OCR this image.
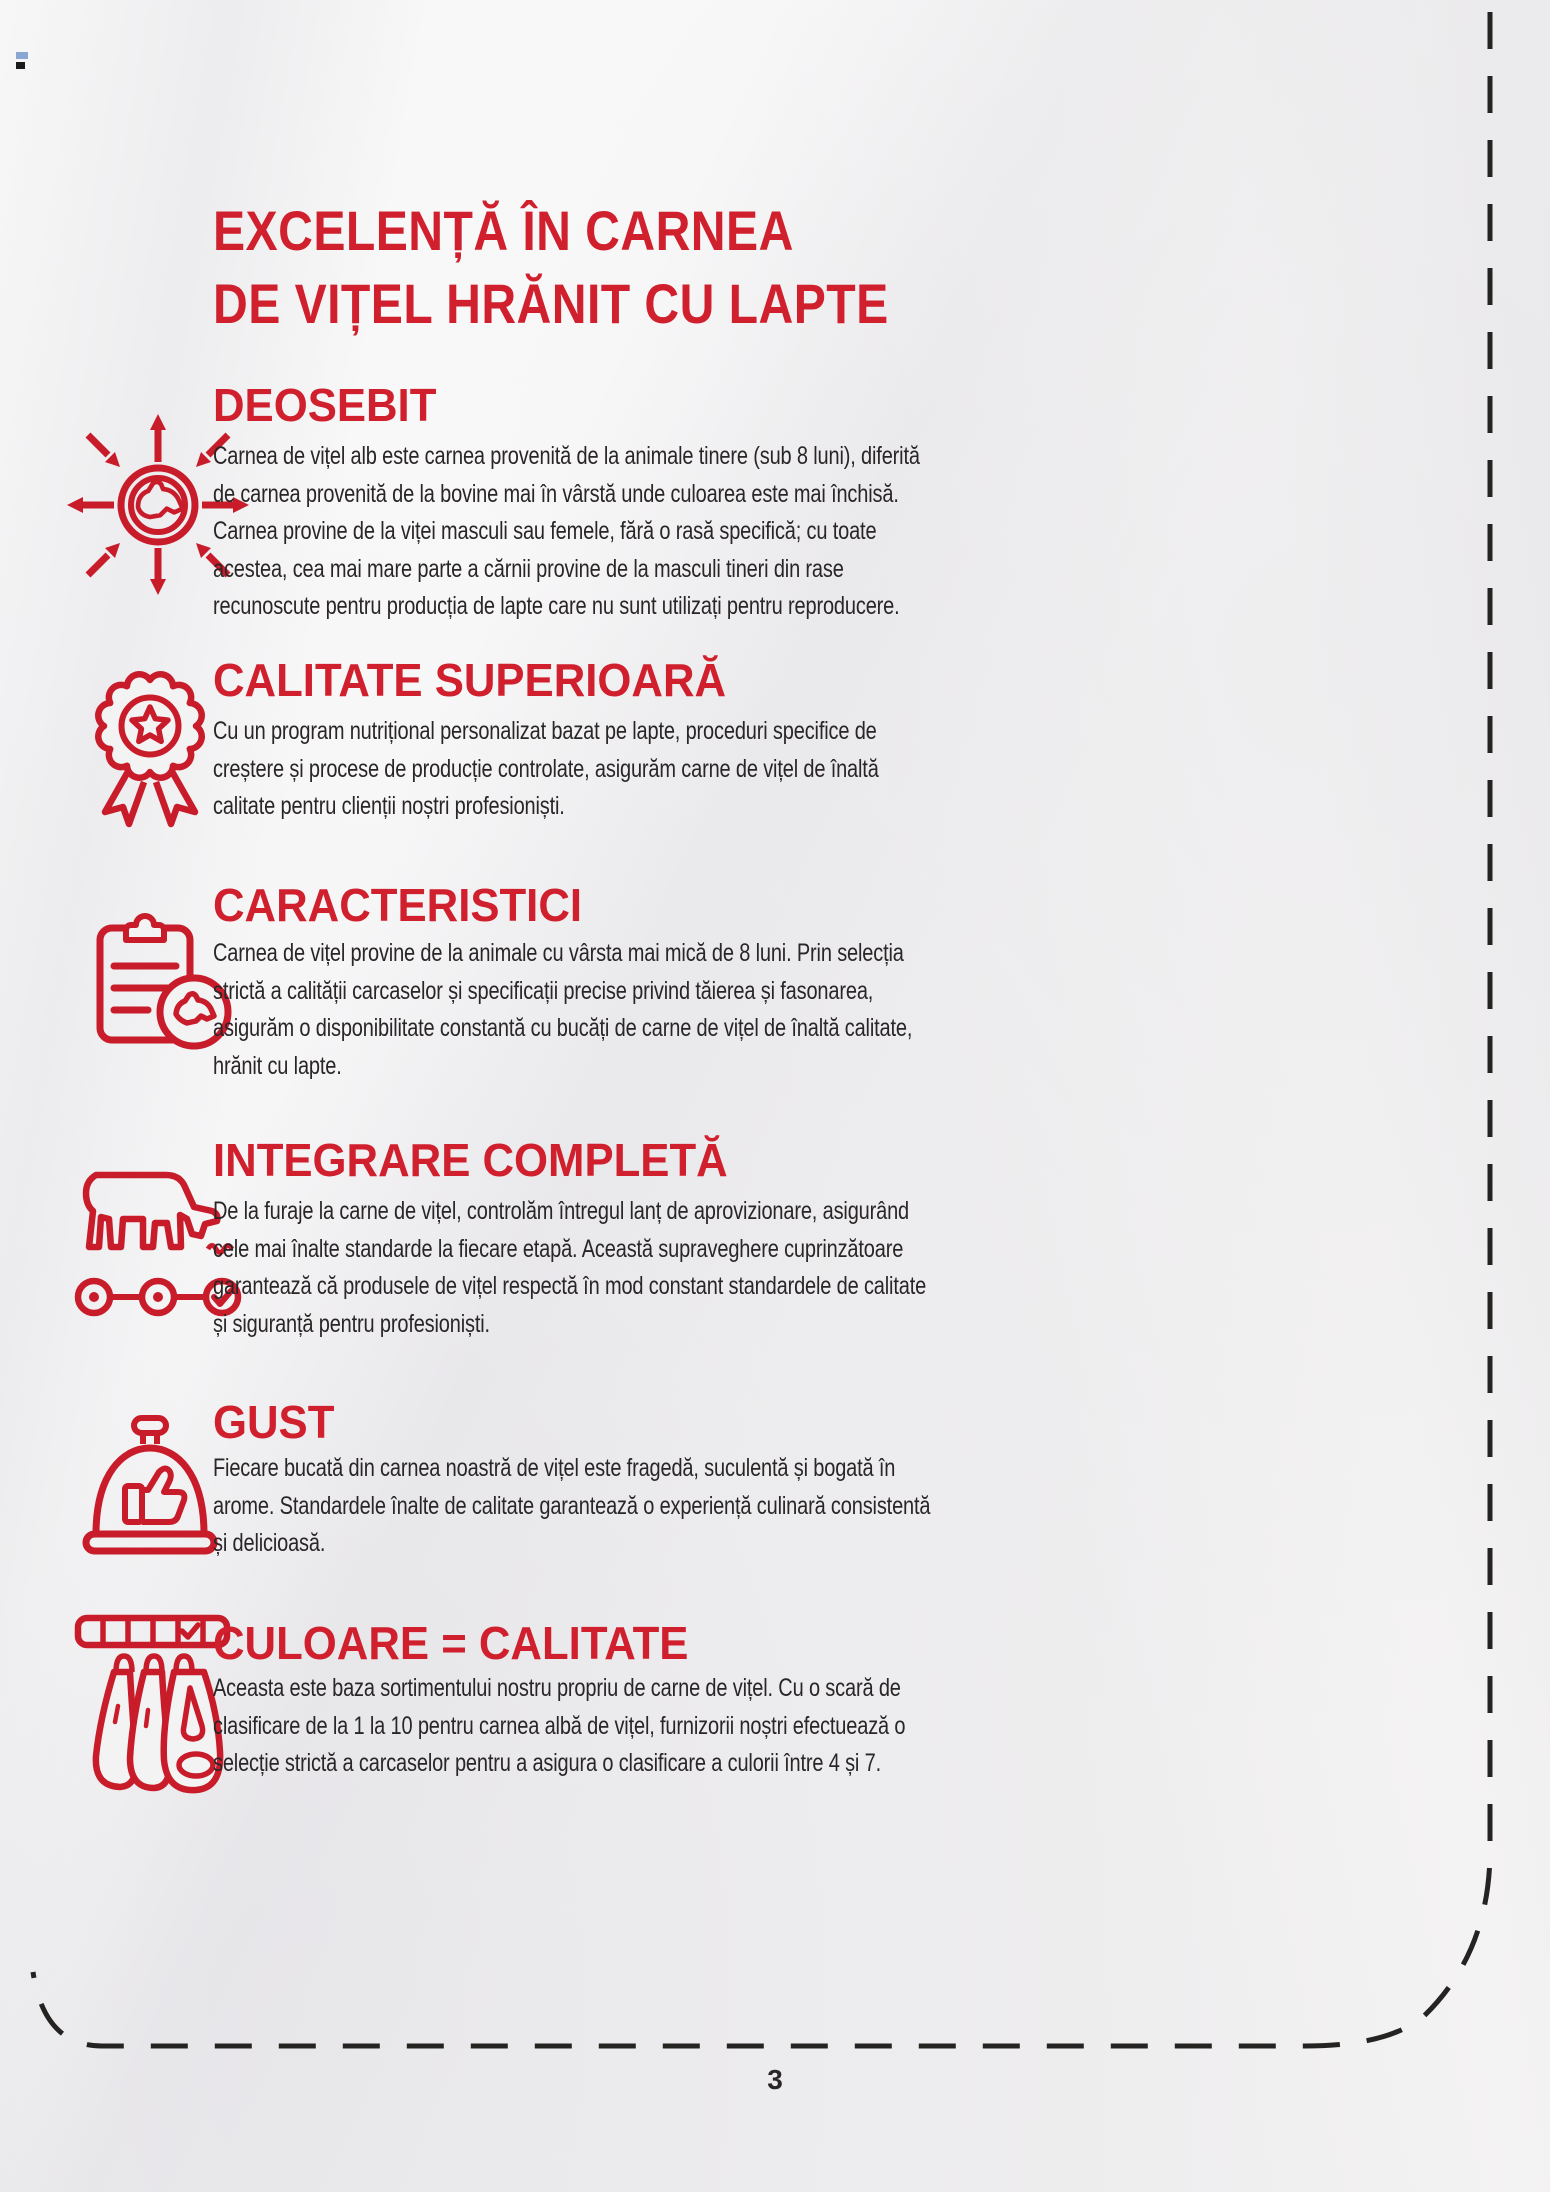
EXCELENȚĂ ÎN CARNEA
DE VIȚEL HRĂNIT CU LAPTE
DEOSEBIT

Carnea de vițel alb este carnea provenită de la animale tinere (sub 8 luni), diferită de carnea provenită de la bovine mai în vârstă unde culoarea este mai închisă. Carnea provine de la viței masculi sau femele, fără o rasă specifică; cu toate acestea, cea mai mare parte a cărnii provine de la masculi tineri din rase recunoscute pentru producția de lapte care nu sunt utilizați pentru reproducere.

CALITATE SUPERIOARĂ

Cu un program nutrițional personalizat bazat pe lapte, proceduri specifice de creștere și procese de producție controlate, asigurăm carne de vițel de înaltă calitate pentru clienții noștri profesioniști.

CARACTERISTICI

Carnea de vițel provine de la animale cu vârsta mai mică de 8 luni. Prin selecția strictă a calității carcaselor și specificații precise privind tăierea și fasonarea, asigurăm o disponibilitate constantă cu bucăți de carne de vițel de înaltă calitate, hrănit cu lapte.

INTEGRARE COMPLETĂ

De la furaje la carne de vițel, controlăm întregul lanț de aprovizionare, asigurând cele mai înalte standarde la fiecare etapă. Această supraveghere cuprinzătoare garantează că produsele de vițel respectă în mod constant standardele de calitate și siguranță pentru profesioniști.

GUST

Fiecare bucată din carnea noastră de vițel este fragedă, suculentă și bogată în arome. Standardele înalte de calitate garantează o experiență culinară consistentă și delicioasă.

CULOARE = CALITATE

Aceasta este baza sortimentului nostru propriu de carne de vițel. Cu o scară de clasificare de la 1 la 10 pentru carnea albă de vițel, furnizorii noștri efectuează o selecție strictă a carcaselor pentru a asigura o clasificare a culorii între 4 și 7.

3
